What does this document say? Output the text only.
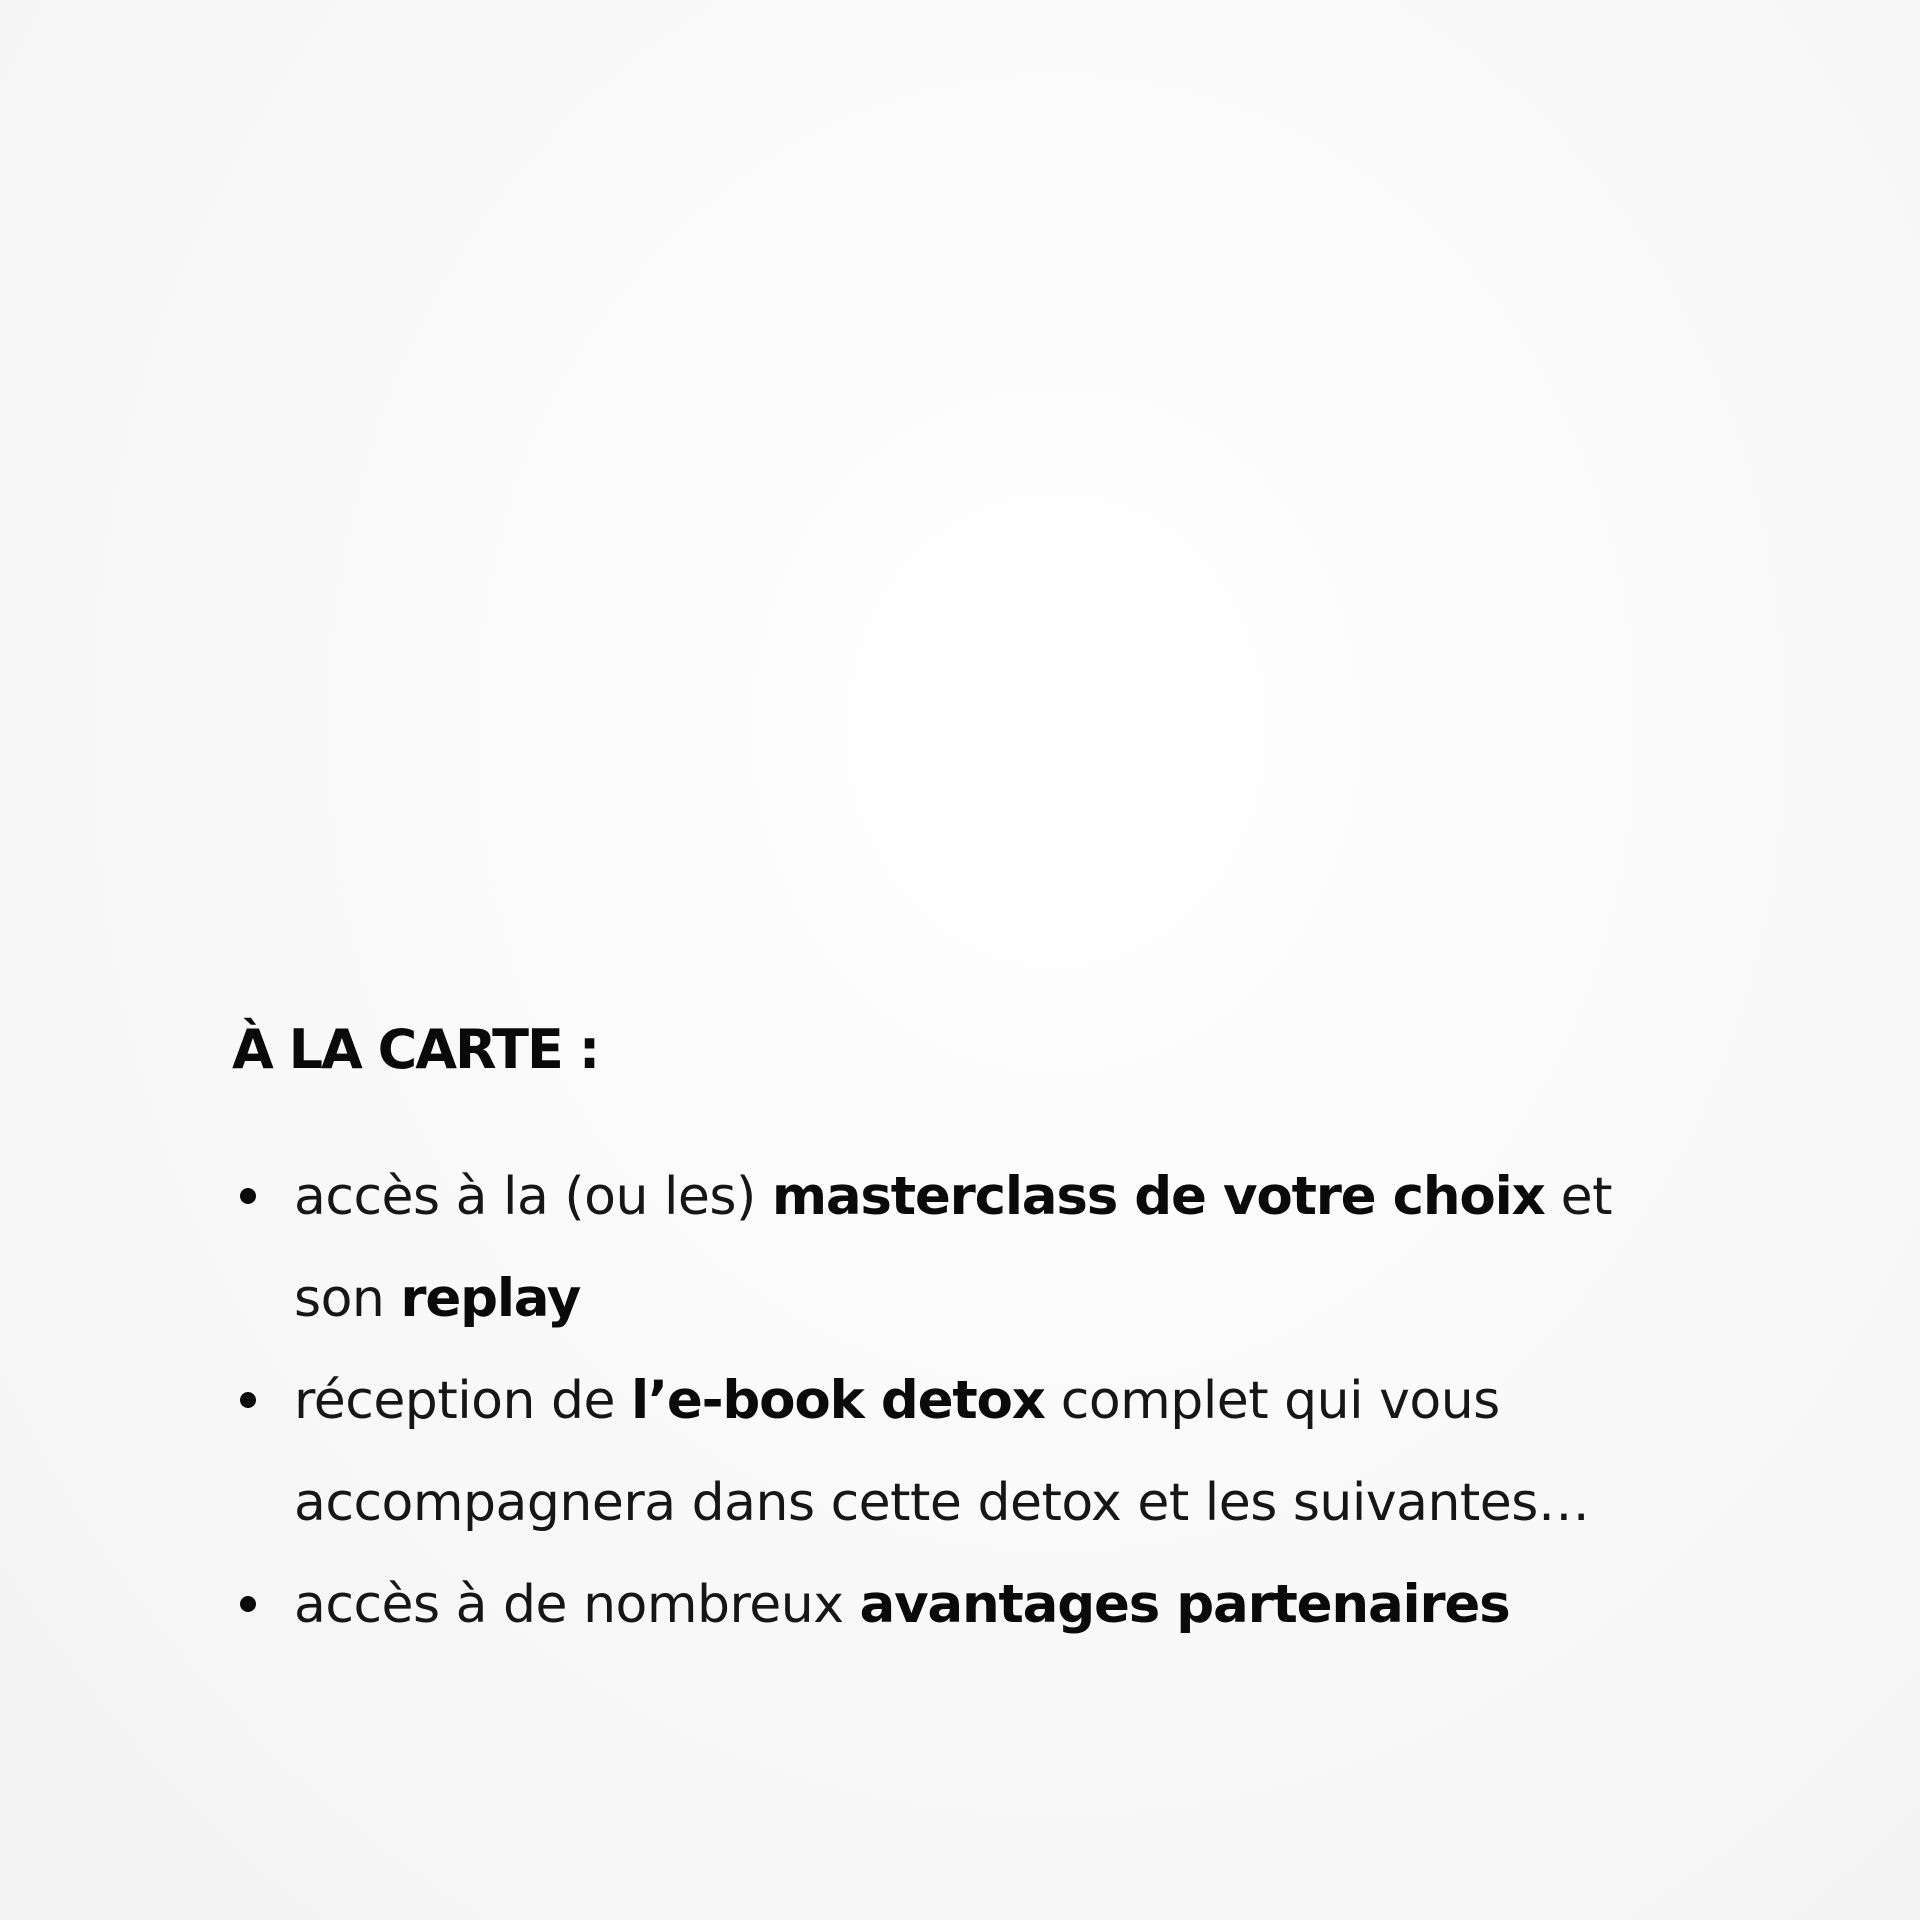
À LA CARTE :
accès à la (ou les) masterclass de votre choix et
son replay
réception de l’e-book detox complet qui vous
accompagnera dans cette detox et les suivantes…
accès à de nombreux avantages partenaires
